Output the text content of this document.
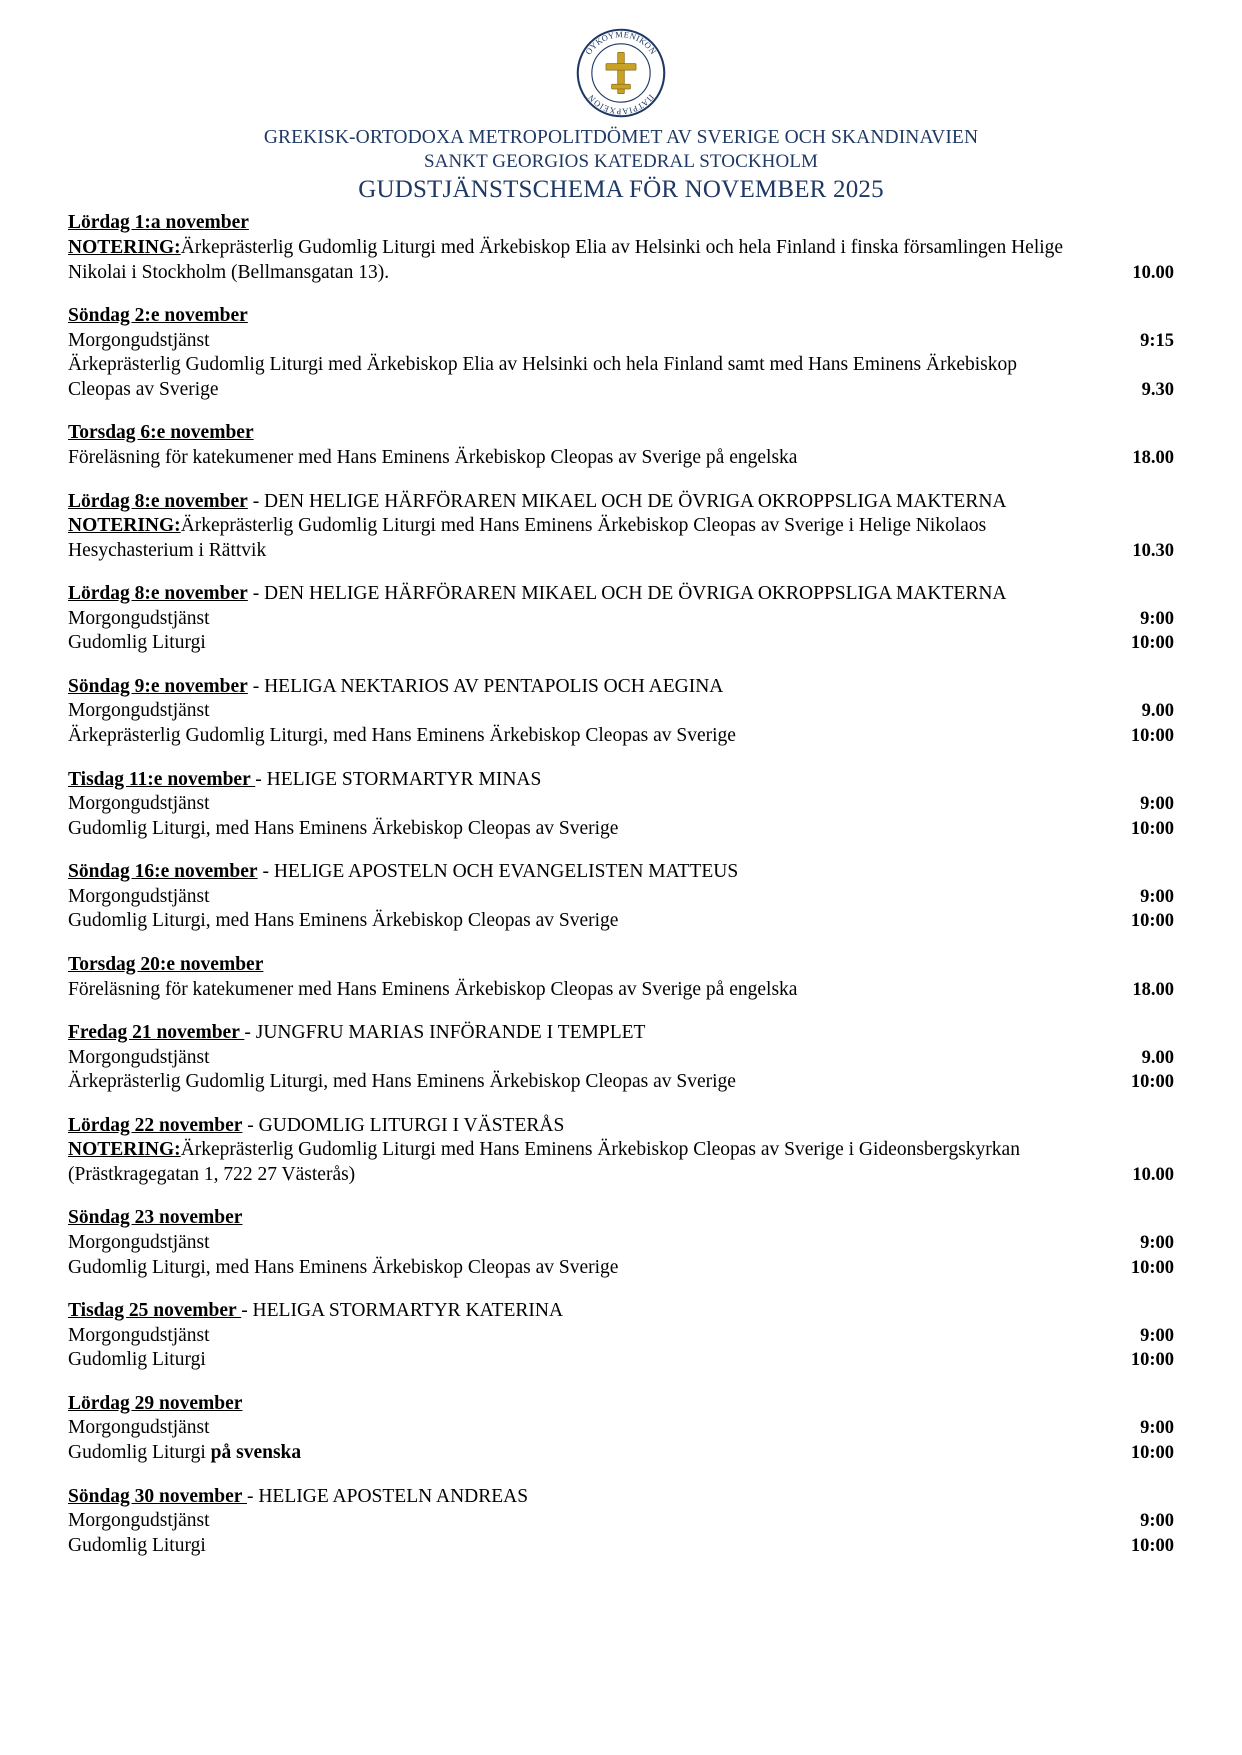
ΟΥΚΟΥΜΕΝΙΚΟΝ
ΠΑΤΡΙΑΡΧΕΙΟΝ
GREKISK-ORTODOXA METROPOLITDÖMET AV SVERIGE OCH SKANDINAVIEN
SANKT GEORGIOS KATEDRAL STOCKHOLM
GUDSTJÄNSTSCHEMA FÖR NOVEMBER 2025
Lördag 1:a november
NOTERING:Ärkeprästerlig Gudomlig Liturgi med Ärkebiskop Elia av Helsinki och hela Finland i finska församlingen Helige Nikolai i Stockholm (Bellmansgatan 13).	10.00
Söndag 2:e november
Morgongudstjänst	9:15
Ärkeprästerlig Gudomlig Liturgi med Ärkebiskop Elia av Helsinki och hela Finland samt med Hans Eminens Ärkebiskop Cleopas av Sverige	9.30
Torsdag 6:e november
Föreläsning för katekumener med Hans Eminens Ärkebiskop Cleopas av Sverige på engelska	18.00
Lördag 8:e november - DEN HELIGE HÄRFÖRAREN MIKAEL OCH DE ÖVRIGA OKROPPSLIGA MAKTERNA
NOTERING:Ärkeprästerlig Gudomlig Liturgi med Hans Eminens Ärkebiskop Cleopas av Sverige i Helige Nikolaos Hesychasterium i Rättvik	10.30
Lördag 8:e november - DEN HELIGE HÄRFÖRAREN MIKAEL OCH DE ÖVRIGA OKROPPSLIGA MAKTERNA
Morgongudstjänst	9:00
Gudomlig Liturgi	10:00
Söndag 9:e november - HELIGA NEKTARIOS AV PENTAPOLIS OCH AEGINA
Morgongudstjänst	9.00
Ärkeprästerlig Gudomlig Liturgi, med Hans Eminens Ärkebiskop Cleopas av Sverige	10:00
Tisdag 11:e november - HELIGE STORMARTYR MINAS
Morgongudstjänst	9:00
Gudomlig Liturgi, med Hans Eminens Ärkebiskop Cleopas av Sverige	10:00
Söndag 16:e november - HELIGE APOSTELN OCH EVANGELISTEN MATTEUS
Morgongudstjänst	9:00
Gudomlig Liturgi, med Hans Eminens Ärkebiskop Cleopas av Sverige	10:00
Torsdag 20:e november
Föreläsning för katekumener med Hans Eminens Ärkebiskop Cleopas av Sverige på engelska	18.00
Fredag 21 november - JUNGFRU MARIAS INFÖRANDE I TEMPLET
Morgongudstjänst	9.00
Ärkeprästerlig Gudomlig Liturgi, med Hans Eminens Ärkebiskop Cleopas av Sverige	10:00
Lördag 22 november - GUDOMLIG LITURGI I VÄSTERÅS
NOTERING:Ärkeprästerlig Gudomlig Liturgi med Hans Eminens Ärkebiskop Cleopas av Sverige i Gideonsbergskyrkan (Prästkragegatan 1, 722 27 Västerås)	10.00
Söndag 23 november
Morgongudstjänst	9:00
Gudomlig Liturgi, med Hans Eminens Ärkebiskop Cleopas av Sverige	10:00
Tisdag 25 november - HELIGA STORMARTYR KATERINA
Morgongudstjänst	9:00
Gudomlig Liturgi	10:00
Lördag 29 november
Morgongudstjänst	9:00
Gudomlig Liturgi på svenska	10:00
Söndag 30 november - HELIGE APOSTELN ANDREAS
Morgongudstjänst	9:00
Gudomlig Liturgi	10:00
